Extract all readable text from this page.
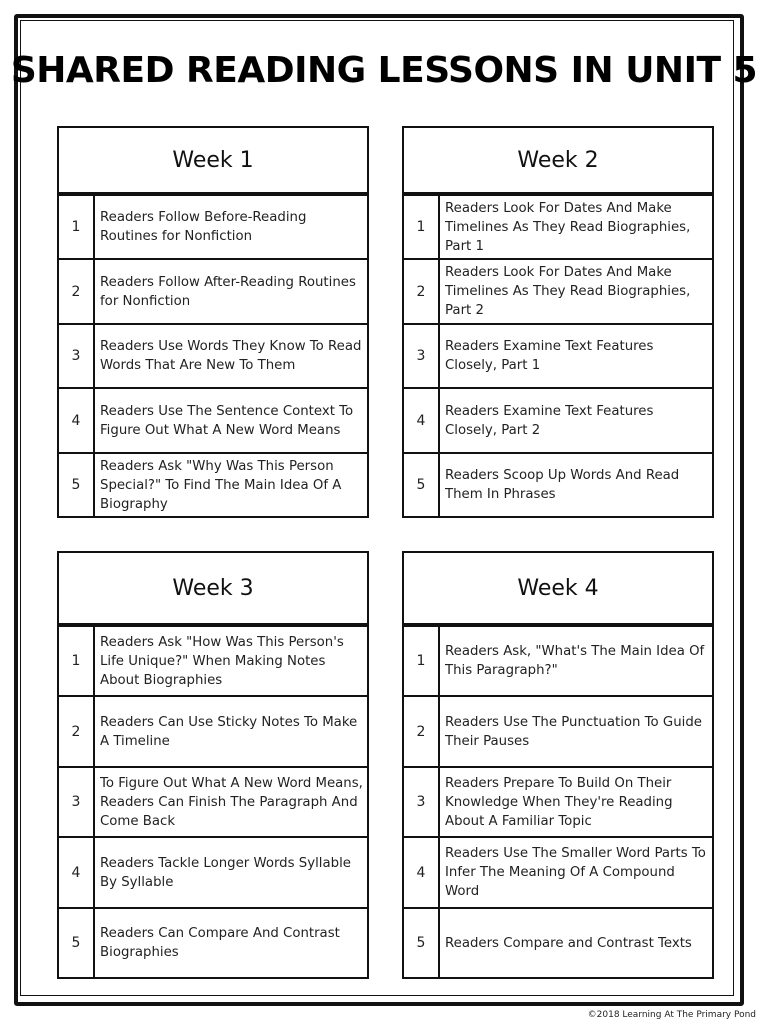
SHARED READING LESSONS IN UNIT 5
Week 1
1
Readers Follow Before-Reading Routines for Nonfiction
2
Readers Follow After-Reading Routines for Nonfiction
3
Readers Use Words They Know To Read Words That Are New To Them
4
Readers Use The Sentence Context To Figure Out What A New Word Means
5
Readers Ask "Why Was This Person Special?" To Find The Main Idea Of A Biography
Week 2
1
Readers Look For Dates And Make Timelines As They Read Biographies, Part 1
2
Readers Look For Dates And Make Timelines As They Read Biographies, Part 2
3
Readers Examine Text Features Closely, Part 1
4
Readers Examine Text Features Closely, Part 2
5
Readers Scoop Up Words And Read Them In Phrases
Week 3
1
Readers Ask "How Was This Person's Life Unique?" When Making Notes About Biographies
2
Readers Can Use Sticky Notes To Make A Timeline
3
To Figure Out What A New Word Means, Readers Can Finish The Paragraph And Come Back
4
Readers Tackle Longer Words Syllable By Syllable
5
Readers Can Compare And Contrast Biographies
Week 4
1
Readers Ask, "What's The Main Idea Of This Paragraph?"
2
Readers Use The Punctuation To Guide Their Pauses
3
Readers Prepare To Build On Their Knowledge When They're Reading About A Familiar Topic
4
Readers Use The Smaller Word Parts To Infer The Meaning Of A Compound Word
5	Readers Compare and Contrast Texts
©2018 Learning At The Primary Pond
